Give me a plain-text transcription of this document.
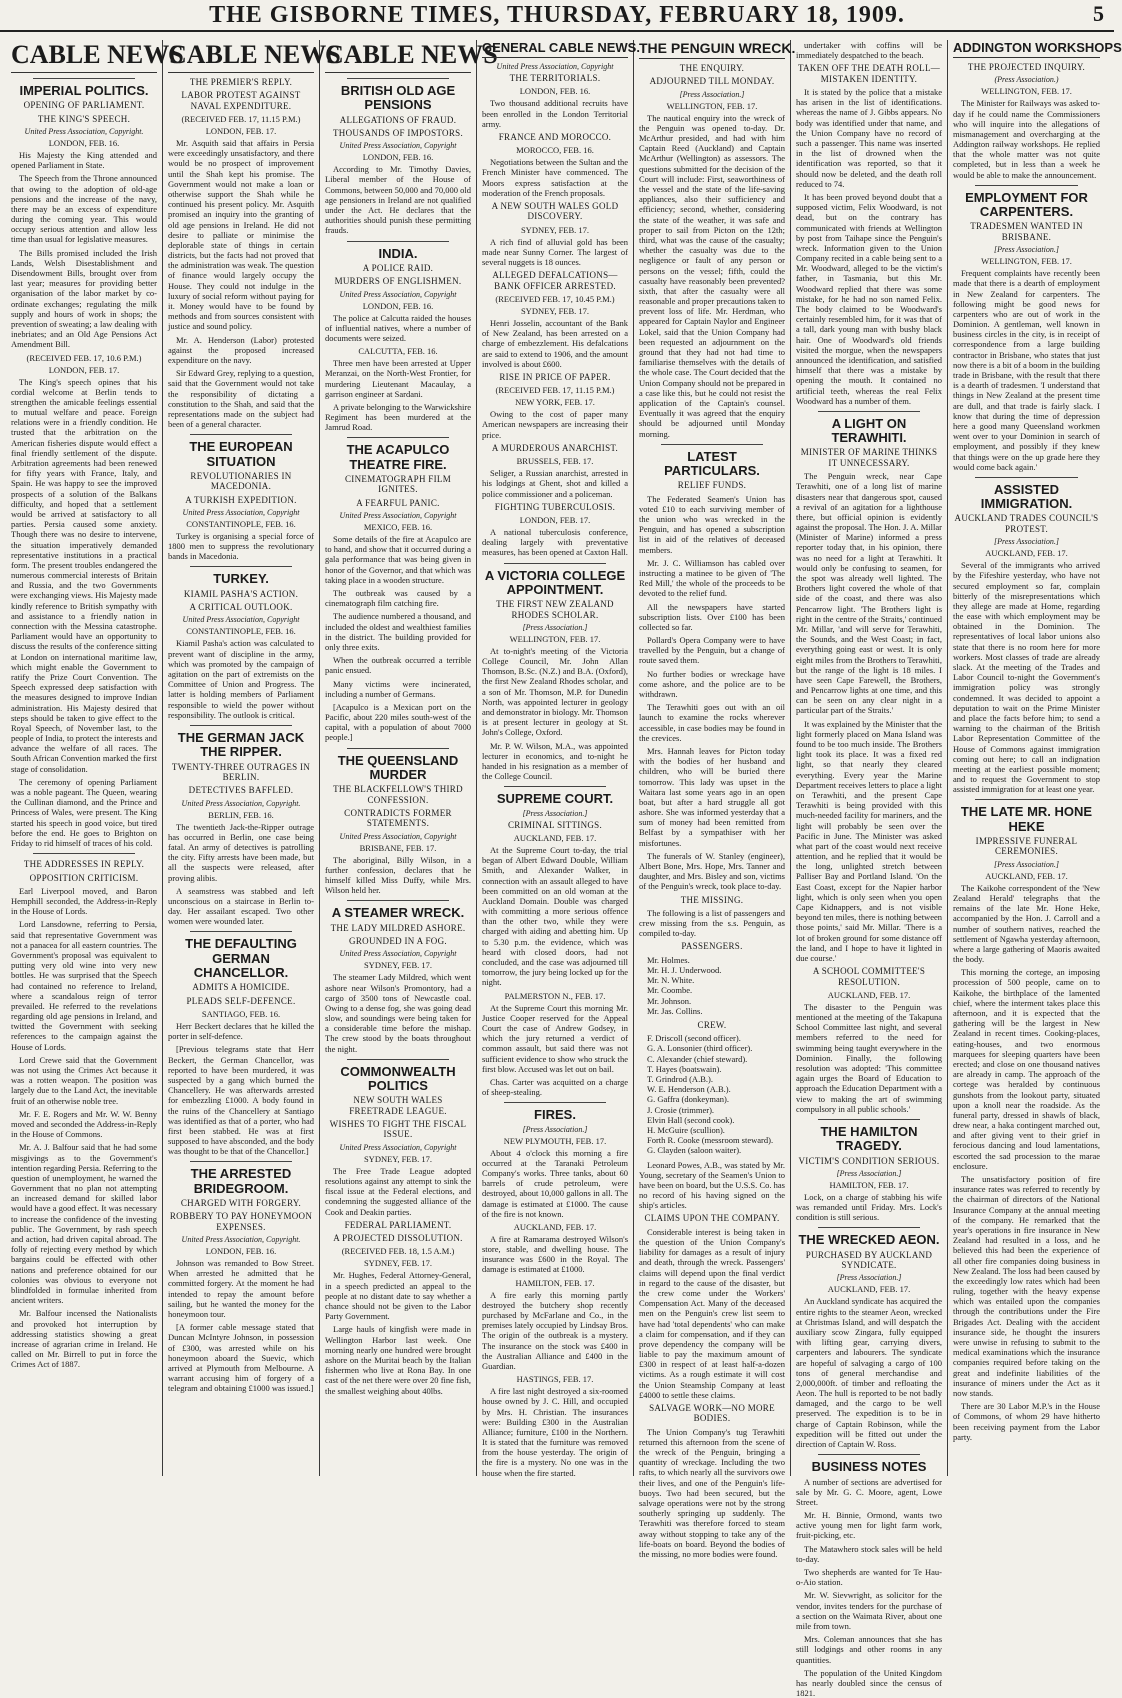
THE GISBORNE TIMES, THURSDAY, FEBRUARY 18, 1909.	5
CABLE NEWS
IMPERIAL POLITICS.
OPENING OF PARLIAMENT.
THE KING'S SPEECH.
United Press Association, Copyright.
LONDON, FEB. 16.
His Majesty the King attended and opened Parliament in State.
The Speech from the Throne announced that owing to the adoption of old-age pensions and the increase of the navy, there may be an excess of expenditure during the coming year. This would occupy serious attention and allow less time than usual for legislative measures.
The Bills promised included the Irish Lands, Welsh Disestablishment and Disendowment Bills, brought over from last year; measures for providing better organisation of the labor market by co-ordinate exchanges; regulating the milk supply and hours of work in shops; the prevention of sweating; a law dealing with inebriates; and an Old Age Pensions Act Amendment Bill.
(RECEIVED FEB. 17, 10.6 P.M.)
LONDON, FEB. 17.
The King's speech opines that his cordial welcome at Berlin tends to strengthen the amicable feelings essential to mutual welfare and peace. Foreign relations were in a friendly condition. He trusted that the arbitration on the American fisheries dispute would effect a final friendly settlement of the dispute. Arbitration agreements had been renewed for fifty years with France, Italy, and Spain. He was happy to see the improved prospects of a solution of the Balkans difficulty, and hoped that a settlement would be arrived at satisfactory to all parties. Persia caused some anxiety. Though there was no desire to intervene, the situation imperatively demanded representative institutions in a practical form. The present troubles endangered the numerous commercial interests of Britain and Russia, and the two Governments were exchanging views. His Majesty made kindly reference to British sympathy with and assistance to a friendly nation in connection with the Messina catastrophe. Parliament would have an opportunity to discuss the results of the conference sitting at London on international maritime law, which might enable the Government to ratify the Prize Court Convention. The Speech expressed deep satisfaction with the measures designed to improve Indian administration. His Majesty desired that steps should be taken to give effect to the Royal Speech, of November last, to the people of India, to protect the interests and advance the welfare of all races. The South African Convention marked the first stage of consolidation.
The ceremony of opening Parliament was a noble pageant. The Queen, wearing the Cullinan diamond, and the Prince and Princess of Wales, were present. The King started his speech in good voice, but tired before the end. He goes to Brighton on Friday to rid himself of traces of his cold.
THE ADDRESSES IN REPLY.
OPPOSITION CRITICISM.
Earl Liverpool moved, and Baron Hemphill seconded, the Address-in-Reply in the House of Lords.
Lord Lansdowne, referring to Persia, said that representative Government was not a panacea for all eastern countries. The Government's proposal was equivalent to putting very old wine into very new bottles. He was surprised that the Speech had contained no reference to Ireland, where a scandalous reign of terror prevailed. He referred to the revelations regarding old age pensions in Ireland, and twitted the Government with seeking references to the campaign against the House of Lords.
Lord Crewe said that the Government was not using the Crimes Act because it was a rotten weapon. The position was largely due to the Land Act, the inevitable fruit of an otherwise noble tree.
Mr. F. E. Rogers and Mr. W. W. Benny moved and seconded the Address-in-Reply in the House of Commons.
Mr. A. J. Balfour said that he had some misgivings as to the Government's intention regarding Persia. Referring to the question of unemployment, he warned the Government that no plan not attempting an increased demand for skilled labor would have a good effect. It was necessary to increase the confidence of the investing public. The Government, by rash speech and action, had driven capital abroad. The folly of rejecting every method by which bargains could be effected with other nations and preference obtained for our colonies was obvious to everyone not blindfolded in formulae inherited from ancient writers.
Mr. Balfour incensed the Nationalists and provoked hot interruption by addressing statistics showing a great increase of agrarian crime in Ireland. He called on Mr. Birrell to put in force the Crimes Act of 1887.
CABLE NEWS
THE PREMIER'S REPLY.
LABOR PROTEST AGAINST NAVAL EXPENDITURE.
(RECEIVED FEB. 17, 11.15 P.M.)
LONDON, FEB. 17.
Mr. Asquith said that affairs in Persia were exceedingly unsatisfactory, and there would be no prospect of improvement until the Shah kept his promise. The Government would not make a loan or otherwise support the Shah while he continued his present policy. Mr. Asquith promised an inquiry into the granting of old age pensions in Ireland. He did not desire to palliate or minimise the deplorable state of things in certain districts, but the facts had not proved that the administration was weak. The question of finance would largely occupy the House. They could not indulge in the luxury of social reform without paying for it. Money would have to be found by methods and from sources consistent with justice and sound policy.
Mr. A. Henderson (Labor) protested against the proposed increased expenditure on the navy.
Sir Edward Grey, replying to a question, said that the Government would not take the responsibility of dictating a constitution to the Shah, and said that the representations made on the subject had been of a general character.
THE EUROPEAN SITUATION
REVOLUTIONARIES IN MACEDONIA.
A TURKISH EXPEDITION.
United Press Association, Copyright
CONSTANTINOPLE, FEB. 16.
Turkey is organising a special force of 1800 men to suppress the revolutionary bands in Macedonia.
TURKEY.
KIAMIL PASHA'S ACTION.
A CRITICAL OUTLOOK.
United Press Association, Copyright
CONSTANTINOPLE, FEB. 16.
Kiamil Pasha's action was calculated to prevent want of discipline in the army, which was promoted by the campaign of agitation on the part of extremists on the Committee of Union and Progress. The latter is holding members of Parliament responsible to wield the power without responsibility. The outlook is critical.
THE GERMAN JACK THE RIPPER.
TWENTY-THREE OUTRAGES IN BERLIN.
DETECTIVES BAFFLED.
United Press Association, Copyright.
BERLIN, FEB. 16.
The twentieth Jack-the-Ripper outrage has occurred in Berlin, one case being fatal. An army of detectives is patrolling the city. Fifty arrests have been made, but all the suspects were released, after proving alibis.
A seamstress was stabbed and left unconscious on a staircase in Berlin to-day. Her assailant escaped. Two other women were wounded later.
THE DEFAULTING GERMAN CHANCELLOR.
ADMITS A HOMICIDE.
PLEADS SELF-DEFENCE.
SANTIAGO, FEB. 16.
Herr Beckert declares that he killed the porter in self-defence.
[Previous telegrams state that Herr Beckert, the German Chancellor, was reported to have been murdered, it was suspected by a gang which burned the Chancellery. He was afterwards arrested for embezzling £1000. A body found in the ruins of the Chancellery at Santiago was identified as that of a porter, who had first been stabbed. He was at first supposed to have absconded, and the body was thought to be that of the Chancellor.]
THE ARRESTED BRIDEGROOM.
CHARGED WITH FORGERY.
ROBBERY TO PAY HONEYMOON EXPENSES.
United Press Association, Copyright.
LONDON, FEB. 16.
Johnson was remanded to Bow Street. When arrested he admitted that he committed forgery. At the moment he had intended to repay the amount before sailing, but he wanted the money for the honeymoon tour.
[A former cable message stated that Duncan McIntyre Johnson, in possession of £300, was arrested while on his honeymoon aboard the Suevic, which arrived at Plymouth from Melbourne. A warrant accusing him of forgery of a telegram and obtaining £1000 was issued.]
CABLE NEWS
BRITISH OLD AGE PENSIONS
ALLEGATIONS OF FRAUD.
THOUSANDS OF IMPOSTORS.
United Press Association, Copyright
LONDON, FEB. 16.
According to Mr. Timothy Davies, Liberal member of the House of Commons, between 50,000 and 70,000 old age pensioners in Ireland are not qualified under the Act. He declares that the authorities should punish these permitting frauds.
INDIA.
A POLICE RAID.
MURDERS OF ENGLISHMEN.
United Press Association, Copyright
LONDON, FEB. 16.
The police at Calcutta raided the houses of influential natives, where a number of documents were seized.
CALCUTTA, FEB. 16.
Three men have been arrested at Upper Meranzai, on the North-West Frontier, for murdering Lieutenant Macaulay, a garrison engineer at Sardani.
A private belonging to the Warwickshire Regiment has been murdered at the Jamrud Road.
THE ACAPULCO THEATRE FIRE.
CINEMATOGRAPH FILM IGNITES.
A FEARFUL PANIC.
United Press Association, Copyright
MEXICO, FEB. 16.
Some details of the fire at Acapulco are to hand, and show that it occurred during a gala performance that was being given in honor of the Governor, and that which was taking place in a wooden structure.
The outbreak was caused by a cinematograph film catching fire.
The audience numbered a thousand, and included the oldest and wealthiest families in the district. The building provided for only three exits.
When the outbreak occurred a terrible panic ensued.
Many victims were incinerated, including a number of Germans.
[Acapulco is a Mexican port on the Pacific, about 220 miles south-west of the capital, with a population of about 7000 people.]
THE QUEENSLAND MURDER
THE BLACKFELLOW'S THIRD CONFESSION.
CONTRADICTS FORMER STATEMENTS.
United Press Association, Copyright
BRISBANE, FEB. 17.
The aboriginal, Billy Wilson, in a further confession, declares that he himself killed Miss Duffy, while Mrs. Wilson held her.
A STEAMER WRECK.
THE LADY MILDRED ASHORE.
GROUNDED IN A FOG.
United Press Association, Copyright
SYDNEY, FEB. 17.
The steamer Lady Mildred, which went ashore near Wilson's Promontory, had a cargo of 3500 tons of Newcastle coal. Owing to a dense fog, she was going dead slow, and soundings were being taken for a considerable time before the mishap. The crew stood by the boats throughout the night.
COMMONWEALTH POLITICS
NEW SOUTH WALES FREETRADE LEAGUE.
WISHES TO FIGHT THE FISCAL ISSUE.
United Press Association, Copyright
SYDNEY, FEB. 17.
The Free Trade League adopted resolutions against any attempt to sink the fiscal issue at the Federal elections, and condemning the suggested alliance of the Cook and Deakin parties.
FEDERAL PARLIAMENT.
A PROJECTED DISSOLUTION.
(RECEIVED FEB. 18, 1.5 A.M.)
SYDNEY, FEB. 17.
Mr. Hughes, Federal Attorney-General, in a speech predicted an appeal to the people at no distant date to say whether a chance should not be given to the Labor Party Government.
Large hauls of kingfish were made in Wellington Harbor last week. One morning nearly one hundred were brought ashore on the Muritai beach by the Italian fishermen who live at Rona Bay. In one cast of the net there were over 20 fine fish, the smallest weighing about 40lbs.
GENERAL CABLE NEWS.
United Press Association, Copyright
THE TERRITORIALS.
LONDON, FEB. 16.
Two thousand additional recruits have been enrolled in the London Territorial army.
FRANCE AND MOROCCO.
MOROCCO, FEB. 16.
Negotiations between the Sultan and the French Minister have commenced. The Moors express satisfaction at the moderation of the French proposals.
A NEW SOUTH WALES GOLD DISCOVERY.
SYDNEY, FEB. 17.
A rich find of alluvial gold has been made near Sunny Corner. The largest of several nuggets is 18 ounces.
ALLEGED DEFALCATIONS—BANK OFFICER ARRESTED.
(RECEIVED FEB. 17, 10.45 P.M.)
SYDNEY, FEB. 17.
Henri Josselin, accountant of the Bank of New Zealand, has been arrested on a charge of embezzlement. His defalcations are said to extend to 1906, and the amount involved is about £600.
RISE IN PRICE OF PAPER.
(RECEIVED FEB. 17, 11.15 P.M.)
NEW YORK, FEB. 17.
Owing to the cost of paper many American newspapers are increasing their price.
A MURDEROUS ANARCHIST.
BRUSSELS, FEB. 17.
Seliger, a Russian anarchist, arrested in his lodgings at Ghent, shot and killed a police commissioner and a policeman.
FIGHTING TUBERCULOSIS.
LONDON, FEB. 17.
A national tuberculosis conference, dealing largely with preventative measures, has been opened at Caxton Hall.
A VICTORIA COLLEGE APPOINTMENT.
THE FIRST NEW ZEALAND RHODES SCHOLAR.
[Press Association.]
WELLINGTON, FEB. 17.
At to-night's meeting of the Victoria College Council, Mr. John Allan Thomson, B.Sc. (N.Z.) and B.A. (Oxford), the first New Zealand Rhodes scholar, and a son of Mr. Thomson, M.P. for Dunedin North, was appointed lecturer in geology and demonstrator in biology. Mr. Thomson is at present lecturer in geology at St. John's College, Oxford.
Mr. P. W. Wilson, M.A., was appointed lecturer in economics, and to-night he handed in his resignation as a member of the College Council.
SUPREME COURT.
[Press Association.]
CRIMINAL SITTINGS.
AUCKLAND, FEB. 17.
At the Supreme Court to-day, the trial began of Albert Edward Double, William Smith, and Alexander Walker, in connection with an assault alleged to have been committed on an old woman at the Auckland Domain. Double was charged with committing a more serious offence than the other two, while they were charged with aiding and abetting him. Up to 5.30 p.m. the evidence, which was heard with closed doors, had not concluded, and the case was adjourned till tomorrow, the jury being locked up for the night.
PALMERSTON N., FEB. 17.
At the Supreme Court this morning Mr. Justice Cooper reserved for the Appeal Court the case of Andrew Godsey, in which the jury returned a verdict of common assault, but said there was not sufficient evidence to show who struck the first blow. Accused was let out on bail.
Chas. Carter was acquitted on a charge of sheep-stealing.
FIRES.
[Press Association.]
NEW PLYMOUTH, FEB. 17.
About 4 o'clock this morning a fire occurred at the Taranaki Petroleum Company's works. Three tanks, about 60 barrels of crude petroleum, were destroyed, about 10,000 gallons in all. The damage is estimated at £1000. The cause of the fire is not known.
AUCKLAND, FEB. 17.
A fire at Ramarama destroyed Wilson's store, stable, and dwelling house. The insurance was £600 in the Royal. The damage is estimated at £1000.
HAMILTON, FEB. 17.
A fire early this morning partly destroyed the butchery shop recently purchased by McFarlane and Co., in the premises lately occupied by Lindsay Bros. The origin of the outbreak is a mystery. The insurance on the stock was £400 in the Australian Alliance and £400 in the Guardian.
HASTINGS, FEB. 17.
A fire last night destroyed a six-roomed house owned by J. C. Hill, and occupied by Mrs. H. Christian. The insurances were: Building £300 in the Australian Alliance; furniture, £100 in the Northern. It is stated that the furniture was removed from the house yesterday. The origin of the fire is a mystery. No one was in the house when the fire started.
THE PENGUIN WRECK.
THE ENQUIRY.
ADJOURNED TILL MONDAY.
[Press Association.]
WELLINGTON, FEB. 17.
The nautical enquiry into the wreck of the Penguin was opened to-day. Dr. McArthur presided, and had with him Captain Reed (Auckland) and Captain McArthur (Wellington) as assessors. The questions submitted for the decision of the Court will include: First, seaworthiness of the vessel and the state of the life-saving appliances, also their sufficiency and efficiency; second, whether, considering the state of the weather, it was safe and proper to sail from Picton on the 12th; third, what was the cause of the casualty; whether the casualty was due to the negligence or fault of any person or persons on the vessel; fifth, could the casualty have reasonably been prevented? sixth, that after the casualty were all reasonable and proper precautions taken to prevent loss of life. Mr. Herdman, who appeared for Captain Naylor and Engineer Lokel, said that the Union Company had been requested an adjournment on the ground that they had not had time to familiarise themselves with the details of the whole case. The Court decided that the Union Company should not be prepared in a case like this, but he could not resist the application of the Captain's counsel. Eventually it was agreed that the enquiry should be adjourned until Monday morning.
LATEST PARTICULARS.
RELIEF FUNDS.
The Federated Seamen's Union has voted £10 to each surviving member of the union who was wrecked in the Penguin, and has opened a subscription list in aid of the relatives of deceased members.
Mr. J. C. Williamson has cabled over instructing a matinee to be given of 'The Red Mill,' the whole of the proceeds to be devoted to the relief fund.
All the newspapers have started subscription lists. Over £100 has been collected so far.
Pollard's Opera Company were to have travelled by the Penguin, but a change of route saved them.
No further bodies or wreckage have come ashore, and the police are to be withdrawn.
The Terawhiti goes out with an oil launch to examine the rocks wherever accessible, in case bodies may be found in the crevices.
Mrs. Hannah leaves for Picton today with the bodies of her husband and children, who will be buried there tomorrow. This lady was upset in the Waitara last some years ago in an open boat, but after a hard struggle all got ashore. She was informed yesterday that a sum of money had been remitted from Belfast by a sympathiser with her misfortunes.
The funerals of W. Stanley (engineer), Albert Bone, Mrs. Hope, Mrs. Tanner and daughter, and Mrs. Bisley and son, victims of the Penguin's wreck, took place to-day.
THE MISSING.
The following is a list of passengers and crew missing from the s.s. Penguin, as compiled to-day.
PASSENGERS.
Mr. Holmes.
Mr. H. J. Underwood.
Mr. N. White.
Mr. Coombe.
Mr. Johnson.
Mr. Jas. Collins.
CREW.
F. Driscoll (second officer).
G. A. Lonsonier (third officer).
C. Alexander (chief steward).
T. Hayes (boatswain).
T. Grindrod (A.B.).
W. E. Henderson (A.B.).
G. Gaffra (donkeyman).
J. Crosie (trimmer).
Elvin Hall (second cook).
H. McGuire (scullion).
Forth R. Cooke (messroom steward).
G. Clayden (saloon waiter).
Leonard Powes, A.B., was stated by Mr. Young, secretary of the Seamen's Union to have been on board, but the U.S.S. Co. has no record of his having signed on the ship's articles.
CLAIMS UPON THE COMPANY.
Considerable interest is being taken in the question of the Union Company's liability for damages as a result of injury and death, through the wreck. Passengers' claims will depend upon the final verdict in regard to the cause of the disaster, but the crew come under the Workers' Compensation Act. Many of the deceased men on the Penguin's crew list seem to have had 'total dependents' who can make a claim for compensation, and if they can prove dependency the company will be liable to pay the maximum amount of £300 in respect of at least half-a-dozen victims. As a rough estimate it will cost the Union Steamship Company at least £4000 to settle these claims.
SALVAGE WORK—NO MORE BODIES.
The Union Company's tug Terawhiti returned this afternoon from the scene of the wreck of the Penguin, bringing a quantity of wreckage. Including the two rafts, to which nearly all the survivors owe their lives, and one of the Penguin's life-buoys. Two had been secured, but the salvage operations were not by the strong southerly springing up suddenly. The Terawhiti was therefore forced to steam away without stopping to take any of the life-boats on board. Beyond the bodies of the missing, no more bodies were found.
undertaker with coffins will be immediately despatched to the beach.
TAKEN OFF THE DEATH ROLL—MISTAKEN IDENTITY.
It is stated by the police that a mistake has arisen in the list of identifications. whereas the name of J. Gibbs appears. No body was identified under that name, and the Union Company have no record of such a passenger. This name was inserted in the list of drowned when the identification was reported, so that it should now be deleted, and the death roll reduced to 74.
It has been proved beyond doubt that a supposed victim, Felix Woodward, is not dead, but on the contrary has communicated with friends at Wellington by post from Taihape since the Penguin's wreck. Information given to the Union Company recited in a cable being sent to a Mr. Woodward, alleged to be the victim's father, in Tasmania, but this Mr. Woodward replied that there was some mistake, for he had no son named Felix. The body claimed to be Woodward's certainly resembled him, for it was that of a tall, dark young man with bushy black hair. One of Woodward's old friends visited the morgue, when the newspapers announced the identification, and satisfied himself that there was a mistake by opening the mouth. It contained no artificial teeth, whereas the real Felix Woodward has a number of them.
A LIGHT ON TERAWHITI.
MINISTER OF MARINE THINKS IT UNNECESSARY.
The Penguin wreck, near Cape Terawhiti, one of a long list of marine disasters near that dangerous spot, caused a revival of an agitation for a lighthouse there, but official opinion is evidently against the proposal. The Hon. J. A. Millar (Minister of Marine) informed a press reporter today that, in his opinion, there was no need for a light at Terawhiti. It would only be confusing to seamen, for the spot was already well lighted. The Brothers light covered the whole of that side of the coast, and there was also Pencarrow light. 'The Brothers light is right in the centre of the Straits,' continued Mr. Millar, 'and will serve for Terawhiti, the Sounds, and the West Coast; in fact, everything going east or west. It is only eight miles from the Brothers to Terawhiti, but the range of the light is 18 miles. I have seen Cape Farewell, the Brothers, and Pencarrow lights at one time, and this can be seen on any clear night in a particular part of the Straits.'
It was explained by the Minister that the light formerly placed on Mana Island was found to be too much inside. The Brothers light took its place. It was a fixed red light, so that nearly they cleared everything. Every year the Marine Department receives letters to place a light on Terawhiti, and the present Cape Terawhiti is being provided with this much-needed facility for mariners, and the light will probably be seen over the Pacific in June. The Minister was asked what part of the coast would next receive attention, and he replied that it would be the long, unlighted stretch between Palliser Bay and Portland Island. 'On the East Coast, except for the Napier harbor light, which is only seen when you open Cape Kidnappers, and is not visible beyond ten miles, there is nothing between those points,' said Mr. Millar. 'There is a lot of broken ground for some distance off the land, and I hope to have it lighted in due course.'
A SCHOOL COMMITTEE'S RESOLUTION.
AUCKLAND, FEB. 17.
The disaster to the Penguin was mentioned at the meeting of the Takapuna School Committee last night, and several members referred to the need for swimming being taught everywhere in the Dominion. Finally, the following resolution was adopted: 'This committee again urges the Board of Education to approach the Education Department with a view to making the art of swimming compulsory in all public schools.'
THE HAMILTON TRAGEDY.
VICTIM'S CONDITION SERIOUS.
[Press Association.]
HAMILTON, FEB. 17.
Lock, on a charge of stabbing his wife was remanded until Friday. Mrs. Lock's condition is still serious.
THE WRECKED AEON.
PURCHASED BY AUCKLAND SYNDICATE.
[Press Association.]
AUCKLAND, FEB. 17.
An Auckland syndicate has acquired the entire rights to the steamer Aeon, wrecked at Christmas Island, and will despatch the auxiliary scow Zingara, fully equipped with lifting gear, carrying divers, carpenters and labourers. The syndicate are hopeful of salvaging a cargo of 100 tons of general merchandise and 2,000,000ft. of timber and refloating the Aeon. The hull is reported to be not badly damaged, and the cargo to be well preserved. The expedition is to be in charge of Captain Robinson, while the expedition will be fitted out under the direction of Captain W. Ross.
BUSINESS NOTES
A number of sections are advertised for sale by Mr. G. C. Moore, agent, Lowe Street.
Mr. H. Binnie, Ormond, wants two active young men for light farm work, fruit-picking, etc.
The Matawhero stock sales will be held to-day.
Two shepherds are wanted for Te Hau-o-Aio station.
Mr. W. Sievwright, as solicitor for the vendor, invites tenders for the purchase of a section on the Waimata River, about one mile from town.
Mrs. Coleman announces that she has still lodgings and other rooms in any quantities.
The population of the United Kingdom has nearly doubled since the census of 1821.
ADDINGTON WORKSHOPS
THE PROJECTED INQUIRY.
(Press Association.)
WELLINGTON, FEB. 17.
The Minister for Railways was asked to-day if he could name the Commissioners who will inquire into the allegations of mismanagement and overcharging at the Addington railway workshops. He replied that the whole matter was not quite completed, but in less than a week he would be able to make the announcement.
EMPLOYMENT FOR CARPENTERS.
TRADESMEN WANTED IN BRISBANE.
[Press Association.]
WELLINGTON, FEB. 17.
Frequent complaints have recently been made that there is a dearth of employment in New Zealand for carpenters. The following might be good news for carpenters who are out of work in the Dominion. A gentleman, well known in business circles in the city, is in receipt of correspondence from a large building contractor in Brisbane, who states that just now there is a bit of a boom in the building trade in Brisbane, with the result that there is a dearth of tradesmen. 'I understand that things in New Zealand at the present time are dull, and that trade is fairly slack. I know that during the time of depression here a good many Queensland workmen went over to your Dominion in search of employment, and possibly if they knew that things were on the up grade here they would come back again.'
ASSISTED IMMIGRATION.
AUCKLAND TRADES COUNCIL'S PROTEST.
[Press Association.]
AUCKLAND, FEB. 17.
Several of the immigrants who arrived by the Fifeshire yesterday, who have not secured employment so far, complain bitterly of the misrepresentations which they allege are made at Home, regarding the ease with which employment may be obtained in the Dominion. The representatives of local labor unions also state that there is no room here for more workers. Most classes of trade are already slack. At the meeting of the Trades and Labor Council to-night the Government's immigration policy was strongly condemned. It was decided to appoint a deputation to wait on the Prime Minister and place the facts before him; to send a warning to the chairman of the British Labor Representation Committee of the House of Commons against immigration coming out here; to call an indignation meeting at the earliest possible moment; and to request the Government to stop assisted immigration for at least one year.
THE LATE MR. HONE HEKE
IMPRESSIVE FUNERAL CEREMONIES.
[Press Association.]
AUCKLAND, FEB. 17.
The Kaikohe correspondent of the 'New Zealand Herald' telegraphs that the remains of the late Mr. Hone Heke, accompanied by the Hon. J. Carroll and a number of southern natives, reached the settlement of Ngawha yesterday afternoon, where a large gathering of Maoris awaited the body.
This morning the cortege, an imposing procession of 500 people, came on to Kaikohe, the birthplace of the lamented chief, where the interment takes place this afternoon, and it is expected that the gathering will be the largest in New Zealand in recent times. Cooking-places, eating-houses, and two enormous marquees for sleeping quarters have been erected; and close on one thousand natives are already in camp. The approach of the cortege was heralded by continuous gunshots from the lookout party, situated upon a knoll near the roadside. As the funeral party, dressed in shawls of black, drew near, a haka contingent marched out, and after giving vent to their grief in ferocious dancing and loud lamentations, escorted the sad procession to the marae enclosure.
The unsatisfactory position of fire insurance rates was referred to recently by the chairman of directors of the National Insurance Company at the annual meeting of the company. He remarked that the year's operations in fire insurance in New Zealand had resulted in a loss, and he believed this had been the experience of all other fire companies doing business in New Zealand. The loss had been caused by the exceedingly low rates which had been ruling, together with the heavy expense which was entailed upon the companies through the contributions under the Fire Brigades Act. Dealing with the accident insurance side, he thought the insurers were unwise in refusing to submit to the medical examinations which the insurance companies required before taking on the great and indefinite liabilities of the insurance of miners under the Act as it now stands.
There are 30 Labor M.P.'s in the House of Commons, of whom 29 have hitherto been receiving payment from the Labor party.
